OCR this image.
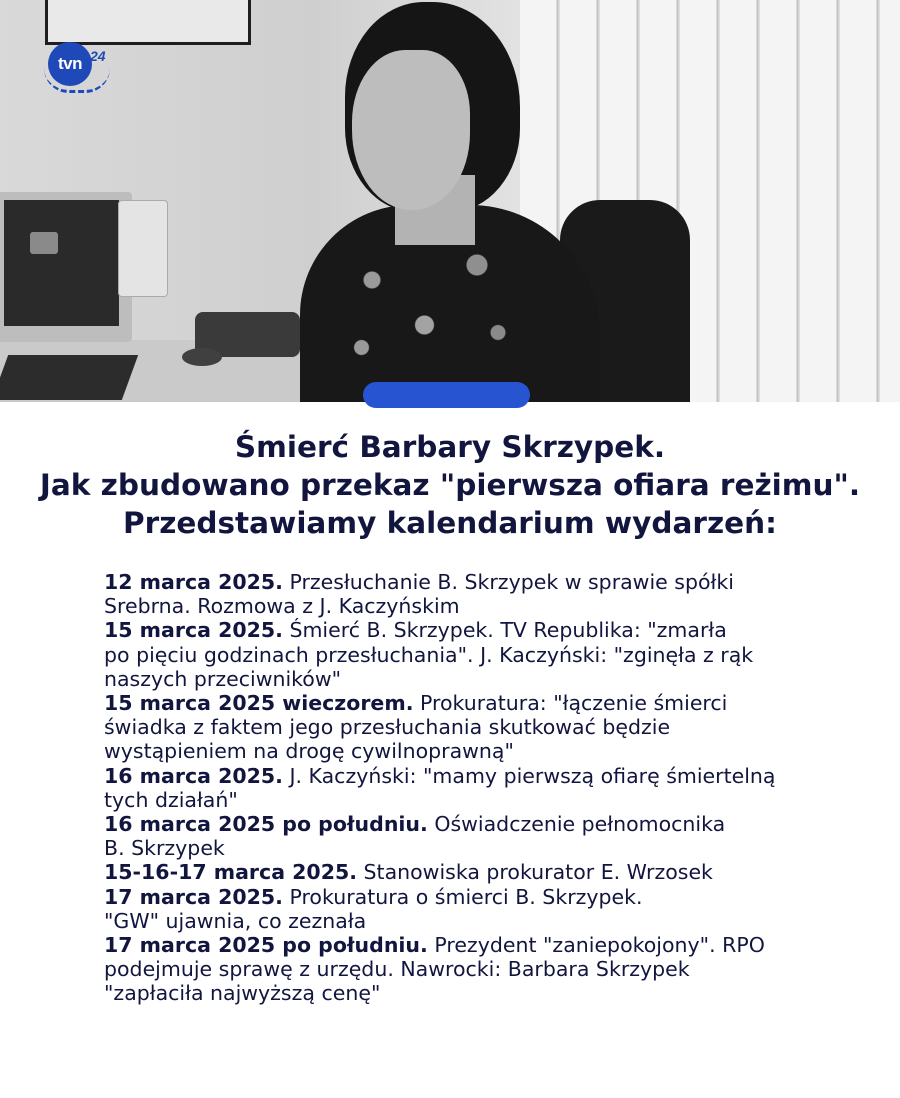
tvn 24
Śmierć Barbary Skrzypek.
Jak zbudowano przekaz "pierwsza ofiara reżimu".
Przedstawiamy kalendarium wydarzeń:
12 marca 2025. Przesłuchanie B. Skrzypek w sprawie spółki
Srebrna. Rozmowa z J. Kaczyńskim
15 marca 2025. Śmierć B. Skrzypek. TV Republika: "zmarła
po pięciu godzinach przesłuchania". J. Kaczyński: "zginęła z rąk
naszych przeciwników"
15 marca 2025 wieczorem. Prokuratura: "łączenie śmierci
świadka z faktem jego przesłuchania skutkować będzie
wystąpieniem na drogę cywilnoprawną"
16 marca 2025. J. Kaczyński: "mamy pierwszą ofiarę śmiertelną
tych działań"
16 marca 2025 po południu. Oświadczenie pełnomocnika
B. Skrzypek
15-16-17 marca 2025. Stanowiska prokurator E. Wrzosek
17 marca 2025. Prokuratura o śmierci B. Skrzypek.
"GW" ujawnia, co zeznała
17 marca 2025 po południu. Prezydent "zaniepokojony". RPO
podejmuje sprawę z urzędu. Nawrocki: Barbara Skrzypek
"zapłaciła najwyższą cenę"
